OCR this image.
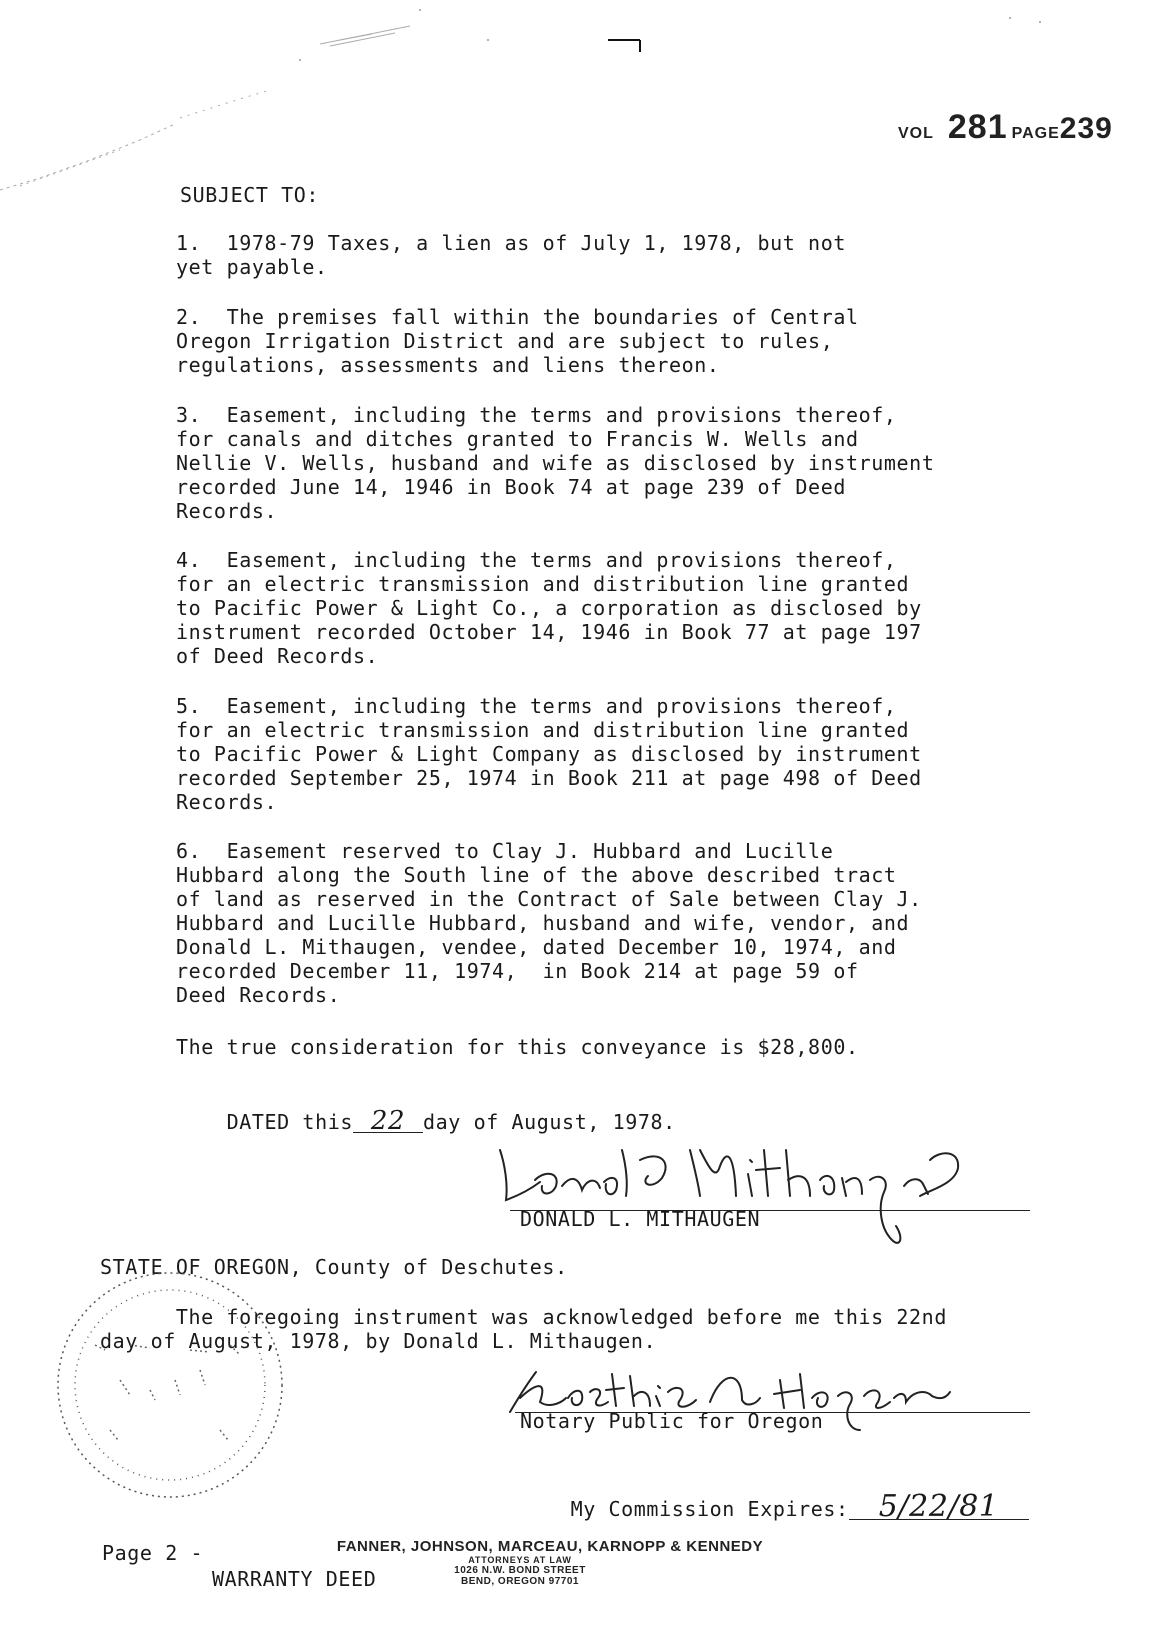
VOL 281 PAGE239
SUBJECT TO:
1.  1978-79 Taxes, a lien as of July 1, 1978, but not
yet payable.
2.  The premises fall within the boundaries of Central
Oregon Irrigation District and are subject to rules,
regulations, assessments and liens thereon.
3.  Easement, including the terms and provisions thereof,
for canals and ditches granted to Francis W. Wells and
Nellie V. Wells, husband and wife as disclosed by instrument
recorded June 14, 1946 in Book 74 at page 239 of Deed
Records.
4.  Easement, including the terms and provisions thereof,
for an electric transmission and distribution line granted
to Pacific Power & Light Co., a corporation as disclosed by
instrument recorded October 14, 1946 in Book 77 at page 197
of Deed Records.
5.  Easement, including the terms and provisions thereof,
for an electric transmission and distribution line granted
to Pacific Power & Light Company as disclosed by instrument
recorded September 25, 1974 in Book 211 at page 498 of Deed
Records.
6.  Easement reserved to Clay J. Hubbard and Lucille
Hubbard along the South line of the above described tract
of land as reserved in the Contract of Sale between Clay J.
Hubbard and Lucille Hubbard, husband and wife, vendor, and
Donald L. Mithaugen, vendee, dated December 10, 1974, and
recorded December 11, 1974,  in Book 214 at page 59 of
Deed Records.
The true consideration for this conveyance is $28,800.

DATED this 22 day of August, 1978.

DONALD L. MITHAUGEN
STATE OF OREGON, County of Deschutes.
The foregoing instrument was acknowledged before me this 22nd
day of August, 1978, by Donald L. Mithaugen.
Notary Public for Oregon

My Commission Expires: 5/22/81

Page 2 -
WARRANTY DEED
FANNER, JOHNSON, MARCEAU, KARNOPP & KENNEDY
ATTORNEYS AT LAW
1026 N.W. BOND STREET
BEND, OREGON 97701
